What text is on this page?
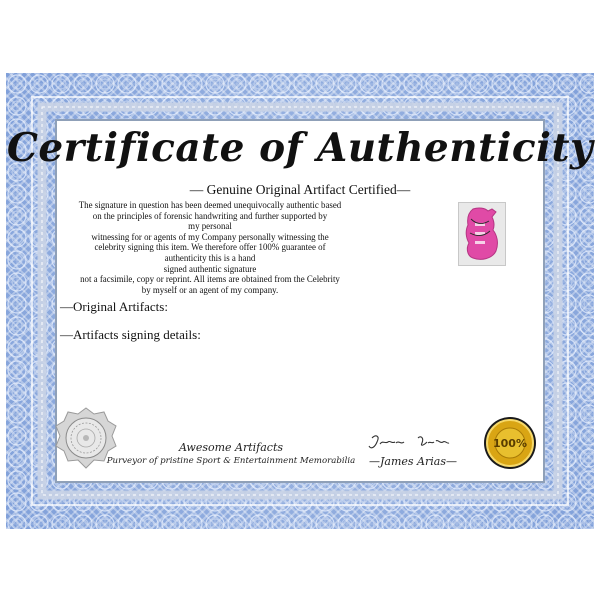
Certificate of Authenticity

— Genuine Original Artifact Certified—

The signature in question has been deemed unequivocally authentic based
on the principles of forensic handwriting and further supported by
my personal
witnessing for or agents of my Company personally witnessing the
celebrity signing this item. We therefore offer 100% guarantee of
authenticity this is a hand
signed authentic signature
not a facsimile, copy or reprint. All items are obtained from the Celebrity
by myself or an agent of my company.

—Original Artifacts:

—Artifacts signing details:

Awesome Artifacts

Purveyor of pristine Sport & Entertainment Memorabilia	—James Arias—

100%
